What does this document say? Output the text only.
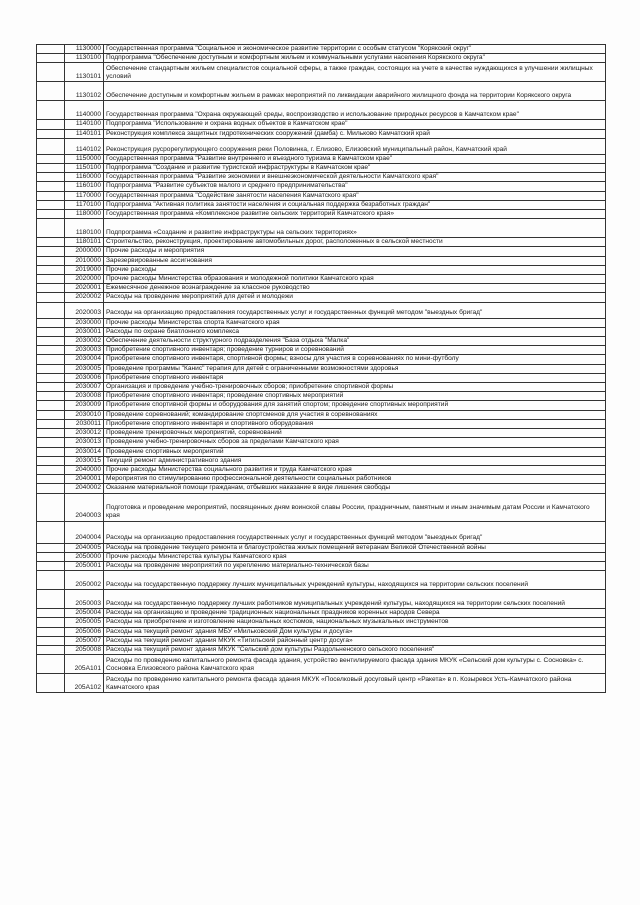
	1130000	Государственная программа "Социальное и экономическое развитие территории с особым статусом "Корякский округ"
	1130100	Подпрограмма "Обеспечение доступным и комфортным жильем и коммунальными услугами населения Корякского округа"
	1130101	Обеспечение стандартным жильем специалистов социальной сферы, а также граждан, состоящих на учете в качестве нуждающихся в улучшении жилищных условий
	1130102	Обеспечение доступным и комфортным жильем в рамках мероприятий по ликвидации аварийного жилищного фонда на территории Корякского округа
	1140000	Государственная программа "Охрана окружающей среды, воспроизводство и использование природных ресурсов в Камчатском крае"
	1140100	Подпрограмма "Использование и охрана водных объектов в Камчатском крае"
	1140101	Реконструкция комплекса защитных гидротехнических сооружений (дамба) с. Мильково Камчатский край
	1140102	Реконструкция русрорегулирующего сооружения реки Половинка, г. Елизово, Елизовский муниципальный район, Камчатский край
	1150000	Государственная программа "Развитие внутреннего и въездного туризма в Камчатском крае"
	1150100	Подпрограмма "Создание и развитие туристской инфраструктуры в Камчатском крае"
	1160000	Государственная программа "Развитие экономики и внешнеэкономической деятельности Камчатского края"
	1160100	Подпрограмма "Развитие субъектов малого и среднего предпринимательства"
	1170000	Государственная программа "Содействие занятости населения Камчатского края"
	1170100	Подпрограмма "Активная политика занятости населения и социальная поддержка безработных граждан"
	1180000	Государственная программа «Комплексное развитие сельских территорий Камчатского края»
	1180100	Подпрограмма «Создание и развитие инфраструктуры на сельских территориях»
	1180101	Строительство, реконструкция, проектирование автомобильных дорог, расположенных в сельской местности
	2000000	Прочие расходы и мероприятия
	2010000	Зарезервированные ассигнования
	2019000	Прочие расходы
	2020000	Прочие расходы Министерства образования и молодежной политики Камчатского края
	2020001	Ежемесячное денежное вознаграждение за классное руководство
	2020002	Расходы на проведение мероприятий для детей и молодежи
	2020003	Расходы на организацию предоставления государственных услуг и государственных функций методом "выездных бригад"
	2030000	Прочие расходы Министерства спорта Камчатского края
	2030001	Расходы по охране биатлонного комплекса
	2030002	Обеспечение деятельности структурного подразделения "База отдыха "Малка"
	2030003	Приобретение спортивного инвентаря; проведение турниров и соревнований
	2030004	Приобретение спортивного инвентаря, спортивной формы; взносы для участия в соревнованиях по мини-футболу
	2030005	Проведение программы "Канис" терапия для детей с ограниченными возможностями здоровья
	2030006	Приобретение спортивного инвентаря
	2030007	Организация и проведение учебно-тренировочных сборов; приобретение спортивной формы
	2030008	Приобретение спортивного инвентаря; проведение спортивных мероприятий
	2030009	Приобретение спортивной формы и оборудования для занятий спортом; проведение спортивных мероприятий
	2030010	Проведение соревнований; командирование спортсменов для участия в соревнованиях
	2030011	Приобретение спортивного инвентаря и спортивного оборудования
	2030012	Проведение тренировочных мероприятий, соревнований
	2030013	Проведение учебно-тренировочных сборов за пределами Камчатского края
	2030014	Проведение спортивных мероприятий
	2030015	Текущий ремонт административного здания
	2040000	Прочие расходы Министерства социального развития и труда Камчатского края
	2040001	Мероприятия по стимулированию профессиональной деятельности социальных работников
	2040002	Оказание материальной помощи гражданам, отбывших наказание в виде лишения свободы
	2040003	Подготовка и проведение мероприятий, посвященных дням воинской славы России, праздничным, памятным и иным значимым датам России и Камчатского края
	2040004	Расходы на организацию предоставления государственных услуг и государственных функций методом "выездных бригад"
	2040005	Расходы на проведение текущего ремонта и благоустройства жилых помещений ветеранам Великой Отечественной войны
	2050000	Прочие расходы Министерства культуры Камчатского края
	2050001	Расходы на проведение мероприятий по укреплению материально-технической базы
	2050002	Расходы на государственную поддержку лучших муниципальных учреждений культуры, находящихся на территории сельских поселений
	2050003	Расходы на государственную поддержку лучших работников муниципальных учреждений культуры, находящихся на территории сельских поселений
	2050004	Расходы на организацию и проведение традиционных национальных праздников коренных народов Севера
	2050005	Расходы на приобретение и изготовление национальных костюмов, национальных музыкальных инструментов
	2050006	Расходы на текущий ремонт здания МБУ «Мильковский Дом культуры и досуга»
	2050007	Расходы на текущий ремонт здания МКУК «Тигильский районный центр досуга»
	2050008	Расходы на текущий ремонт здания МКУК "Сельский дом культуры Раздольненского сельского поселения"
	205A101	Расходы по проведению капитального ремонта фасада здания, устройство вентилируемого фасада здания МКУК «Сельский дом культуры с. Сосновка» с. Сосновка Елизовского района Камчатского края
	205A102	Расходы по проведению капитального ремонта фасада здания МКУК «Поселковый досуговый центр «Ракета» в п. Козыревск Усть-Камчатского района Камчатского края
